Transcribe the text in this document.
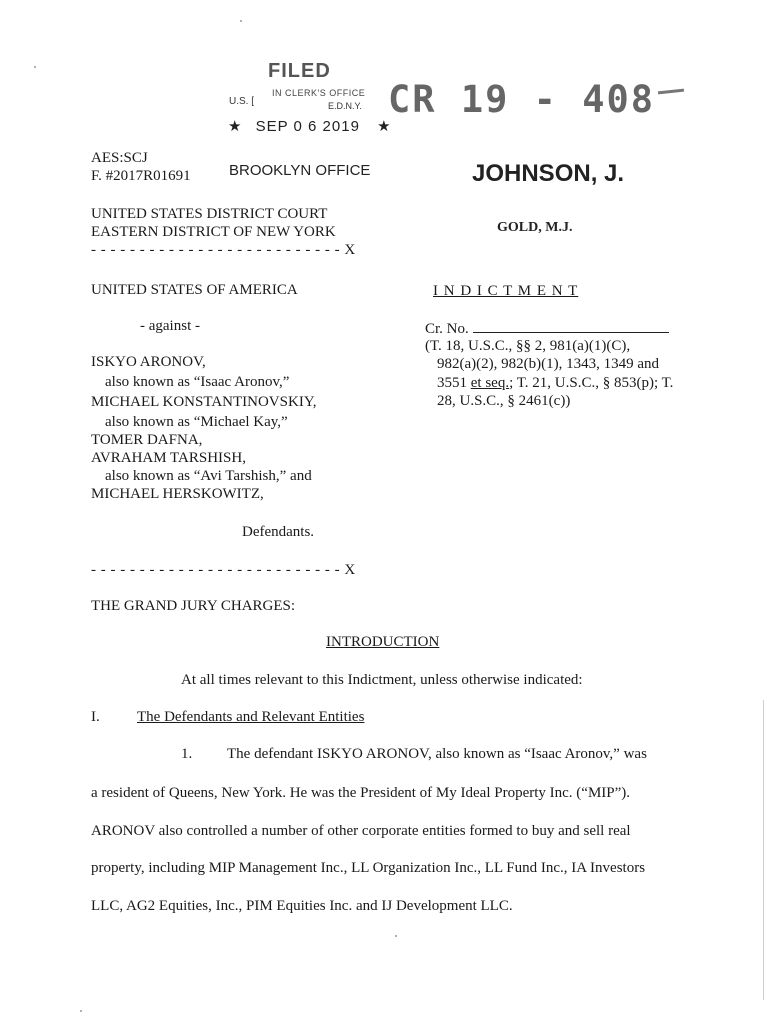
FILED
IN CLERK'S OFFICE
U.S. [	E.D.N.Y.
★ SEP 0 6 2019 ★
BROOKLYN OFFICE
CR 19 - 408
JOHNSON, J.
GOLD, M.J.
AES:SCJ
F. #2017R01691
UNITED STATES DISTRICT COURT
EASTERN DISTRICT OF NEW YORK
- - - - - - - - - - - - - - - - - - - - - - - - - - X
UNITED STATES OF AMERICA
- against -
ISKYO ARONOV,
also known as “Isaac Aronov,”
MICHAEL KONSTANTINOVSKIY,
also known as “Michael Kay,”
TOMER DAFNA,
AVRAHAM TARSHISH,
also known as “Avi Tarshish,” and
MICHAEL HERSKOWITZ,
Defendants.
- - - - - - - - - - - - - - - - - - - - - - - - - - X
I N D I C T M E N T
Cr. No.
(T. 18, U.S.C., §§ 2, 981(a)(1)(C),
982(a)(2), 982(b)(1), 1343, 1349 and
3551 et seq.; T. 21, U.S.C., § 853(p); T.
28, U.S.C., § 2461(c))
THE GRAND JURY CHARGES:
INTRODUCTION
At all times relevant to this Indictment, unless otherwise indicated:
I. The Defendants and Relevant Entities
1. The defendant ISKYO ARONOV, also known as “Isaac Aronov,” was
a resident of Queens, New York. He was the President of My Ideal Property Inc. (“MIP”).
ARONOV also controlled a number of other corporate entities formed to buy and sell real
property, including MIP Management Inc., LL Organization Inc., LL Fund Inc., IA Investors
LLC, AG2 Equities, Inc., PIM Equities Inc. and IJ Development LLC.
